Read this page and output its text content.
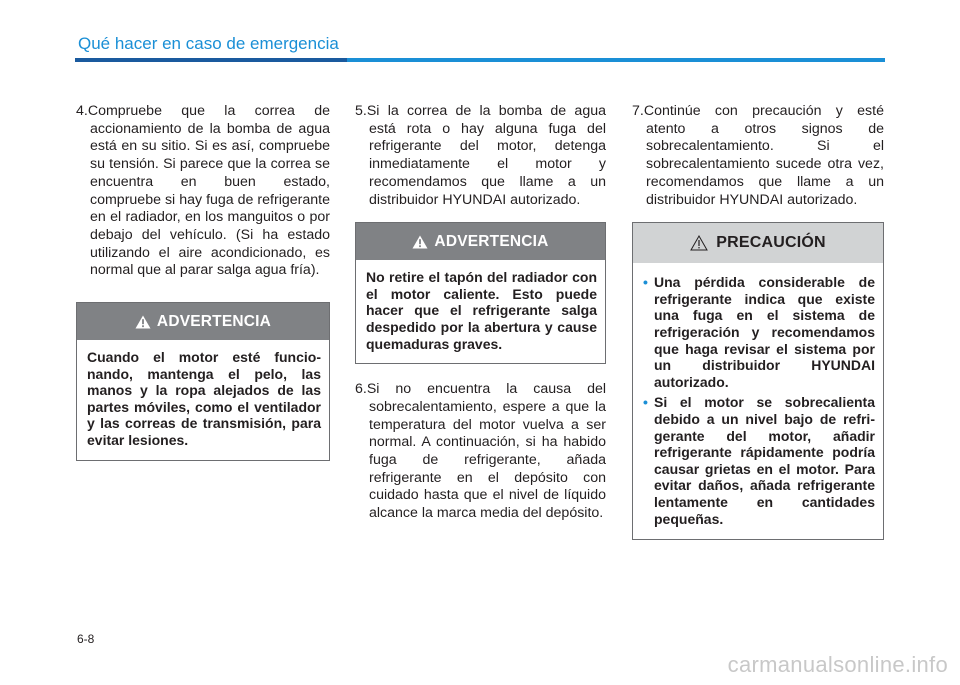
Qué hacer en caso de emergencia
4.Compruebe que la correa de accionamiento de la bomba de agua está en su sitio. Si es así, compruebe su tensión. Si parece que la correa se encuentra en buen estado, compruebe si hay fuga de refrigerante en el radiador, en los manguitos o por debajo del vehículo. (Si ha estado utilizando el aire acondicionado, es normal que al parar salga agua fría).
ADVERTENCIA
Cuando el motor esté funcionando, mantenga el pelo, las manos y la ropa alejados de las partes móviles, como el ventilador y las correas de transmisión, para evitar lesiones.
5.Si la correa de la bomba de agua está rota o hay alguna fuga del refrigerante del motor, detenga inmediatamente el motor y recomendamos que llame a un distribuidor HYUNDAI autorizado.
ADVERTENCIA
No retire el tapón del radiador con el motor caliente. Esto puede hacer que el refrigerante salga despedido por la abertura y cause quemaduras graves.
6.Si no encuentra la causa del sobrecalentamiento, espere a que la temperatura del motor vuelva a ser normal. A continuación, si ha habido fuga de refrigerante, añada refrigerante en el depósito con cuidado hasta que el nivel de líquido alcance la marca media del depósito.
7.Continúe con precaución y esté atento a otros signos de sobrecalentamiento. Si el sobrecalentamiento sucede otra vez, recomendamos que llame a un distribuidor HYUNDAI autorizado.
PRECAUCIÓN
• Una pérdida considerable de refrigerante indica que existe una fuga en el sistema de refrigeración y recomendamos que haga revisar el sistema por un distribuidor HYUNDAI autorizado.
• Si el motor se sobrecalienta debido a un nivel bajo de refrigerante del motor, añadir refrigerante rápidamente podría causar grietas en el motor. Para evitar daños, añada refrigerante lentamente en cantidades pequeñas.
6-8
carmanualsonline.info
